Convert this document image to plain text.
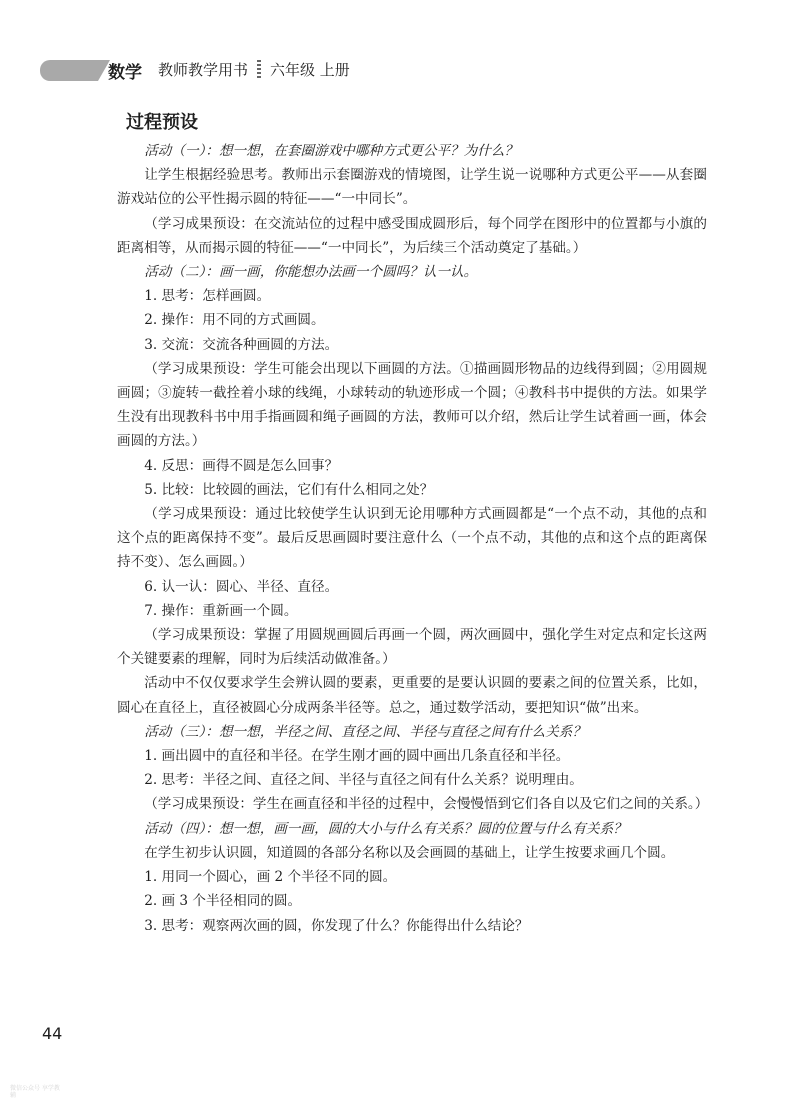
数学 教师教学用书 六年级 上册
过程预设

活动（一）：想一想，在套圈游戏中哪种方式更公平？为什么？

让学生根据经验思考。教师出示套圈游戏的情境图，让学生说一说哪种方式更公平——从套圈游戏站位的公平性揭示圆的特征——“一中同长”。

（学习成果预设：在交流站位的过程中感受围成圆形后，每个同学在图形中的位置都与小旗的距离相等，从而揭示圆的特征——“一中同长”，为后续三个活动奠定了基础。）

活动（二）：画一画，你能想办法画一个圆吗？认一认。

1. 思考：怎样画圆。

2. 操作：用不同的方式画圆。

3. 交流：交流各种画圆的方法。

（学习成果预设：学生可能会出现以下画圆的方法。①描画圆形物品的边线得到圆；②用圆规画圆；③旋转一截拴着小球的线绳，小球转动的轨迹形成一个圆；④教科书中提供的方法。如果学生没有出现教科书中用手指画圆和绳子画圆的方法，教师可以介绍，然后让学生试着画一画，体会画圆的方法。）

4. 反思：画得不圆是怎么回事？

5. 比较：比较圆的画法，它们有什么相同之处？

（学习成果预设：通过比较使学生认识到无论用哪种方式画圆都是“一个点不动，其他的点和这个点的距离保持不变”。最后反思画圆时要注意什么（一个点不动，其他的点和这个点的距离保持不变）、怎么画圆。）

6. 认一认：圆心、半径、直径。

7. 操作：重新画一个圆。

（学习成果预设：掌握了用圆规画圆后再画一个圆，两次画圆中，强化学生对定点和定长这两个关键要素的理解，同时为后续活动做准备。）

活动中不仅仅要求学生会辨认圆的要素，更重要的是要认识圆的要素之间的位置关系，比如，圆心在直径上，直径被圆心分成两条半径等。总之，通过数学活动，要把知识“做”出来。

活动（三）：想一想，半径之间、直径之间、半径与直径之间有什么关系？

1. 画出圆中的直径和半径。在学生刚才画的圆中画出几条直径和半径。

2. 思考：半径之间、直径之间、半径与直径之间有什么关系？说明理由。

（学习成果预设：学生在画直径和半径的过程中，会慢慢悟到它们各自以及它们之间的关系。）

活动（四）：想一想，画一画，圆的大小与什么有关系？圆的位置与什么有关系？

在学生初步认识圆，知道圆的各部分名称以及会画圆的基础上，让学生按要求画几个圆。

1. 用同一个圆心，画 2 个半径不同的圆。

2. 画 3 个半径相同的圆。

3. 思考：观察两次画的圆，你发现了什么？你能得出什么结论？

44
微信公众号 享学教辅
